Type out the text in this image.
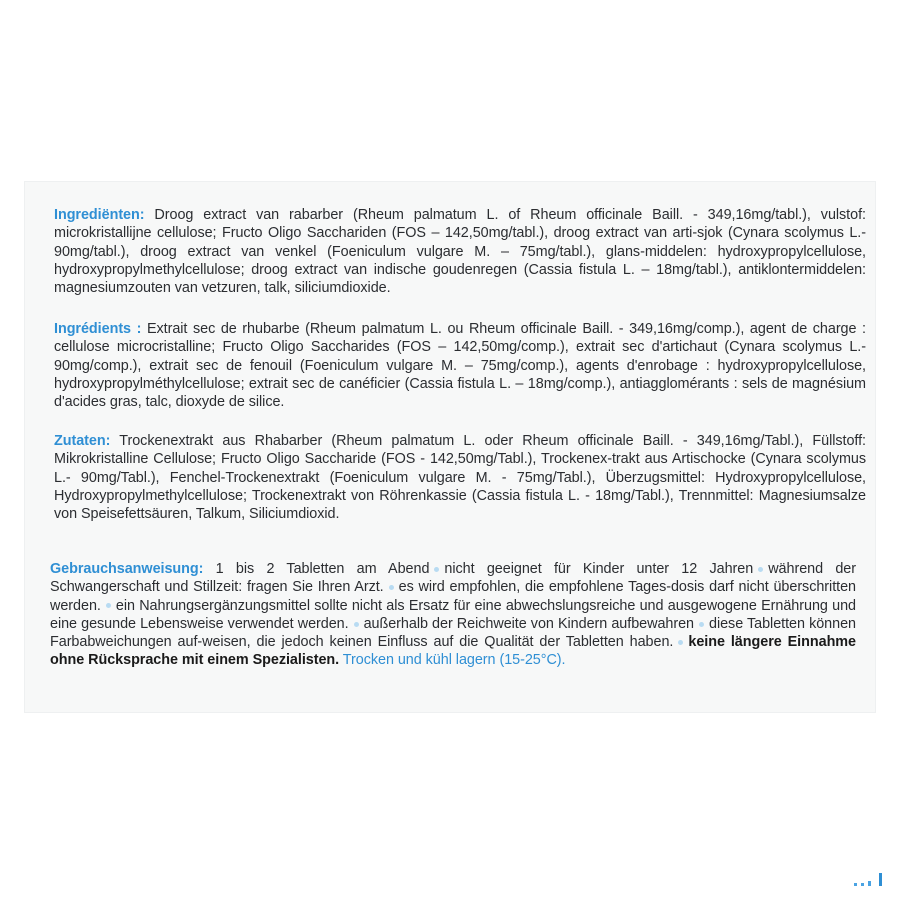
Ingrediënten: Droog extract van rabarber (Rheum palmatum L. of Rheum officinale Baill. - 349,16mg/tabl.), vulstof: microkristallijne cellulose; Fructo Oligo Sacchariden (FOS – 142,50mg/tabl.), droog extract van arti-sjok (Cynara scolymus L.- 90mg/tabl.), droog extract van venkel (Foeniculum vulgare M. – 75mg/tabl.), glans-middelen: hydroxypropylcellulose, hydroxypropylmethylcellulose; droog extract van indische goudenregen (Cassia fistula L. – 18mg/tabl.), antiklontermiddelen: magnesiumzouten van vetzuren, talk, siliciumdioxide.

Ingrédients : Extrait sec de rhubarbe (Rheum palmatum L. ou Rheum officinale Baill. - 349,16mg/comp.), agent de charge : cellulose microcristalline; Fructo Oligo Saccharides (FOS – 142,50mg/comp.), extrait sec d'artichaut (Cynara scolymus L.- 90mg/comp.), extrait sec de fenouil (Foeniculum vulgare M. – 75mg/comp.), agents d'enrobage : hydroxypropylcellulose, hydroxypropylméthylcellulose; extrait sec de canéficier (Cassia fistula L. – 18mg/comp.), antiagglomérants : sels de magnésium d'acides gras, talc, dioxyde de silice.

Zutaten: Trockenextrakt aus Rhabarber (Rheum palmatum L. oder Rheum officinale Baill. - 349,16mg/Tabl.), Füllstoff: Mikrokristalline Cellulose; Fructo Oligo Saccharide (FOS - 142,50mg/Tabl.), Trockenex-trakt aus Artischocke (Cynara scolymus L.- 90mg/Tabl.), Fenchel-Trockenextrakt (Foeniculum vulgare M. - 75mg/Tabl.), Überzugsmittel: Hydroxypropylcellulose, Hydroxypropylmethylcellulose; Trockenextrakt von Röhrenkassie (Cassia fistula L. - 18mg/Tabl.), Trennmittel: Magnesiumsalze von Speisefettsäuren, Talkum, Siliciumdioxid.

Gebrauchsanweisung: 1 bis 2 Tabletten am Abend nicht geeignet für Kinder unter 12 Jahren während der Schwangerschaft und Stillzeit: fragen Sie Ihren Arzt. es wird empfohlen, die empfohlene Tages-dosis darf nicht überschritten werden. ein Nahrungsergänzungsmittel sollte nicht als Ersatz für eine abwechslungsreiche und ausgewogene Ernährung und eine gesunde Lebensweise verwendet werden. außerhalb der Reichweite von Kindern aufbewahren diese Tabletten können Farbabweichungen auf-weisen, die jedoch keinen Einfluss auf die Qualität der Tabletten haben. keine längere Einnahme ohne Rücksprache mit einem Spezialisten. Trocken und kühl lagern (15-25°C).
